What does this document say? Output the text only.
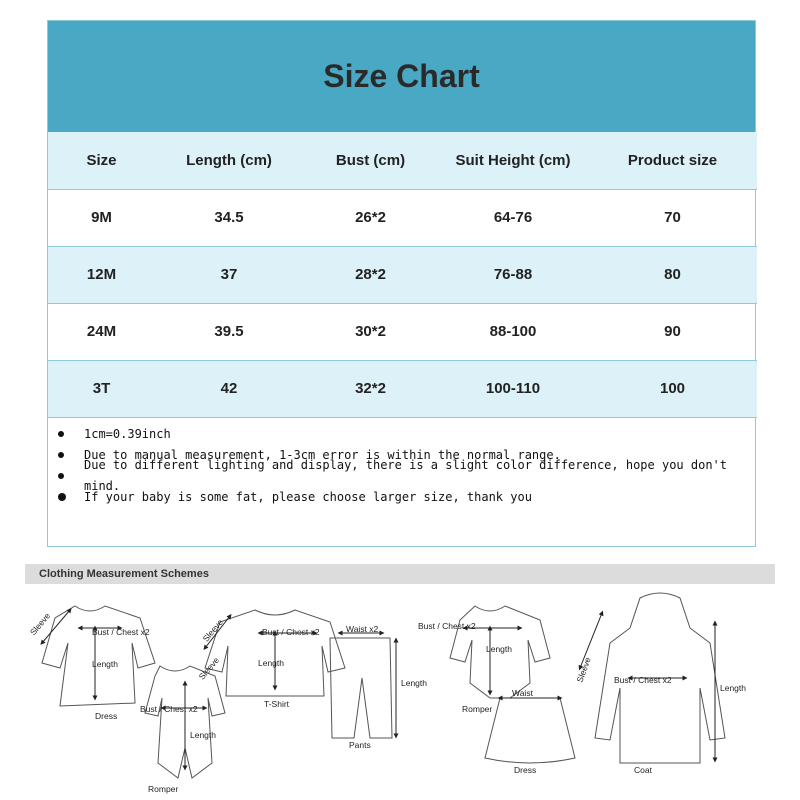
Size Chart
Size	Length (cm)	Bust (cm)	Suit Height (cm)	Product size
9M	34.5	26*2	64-76	70
12M	37	28*2	76-88	80
24M	39.5	30*2	88-100	90
3T	42	32*2	100-110	100
1cm=0.39inch
Due to manual measurement, 1-3cm error is within the normal range.
Due to different lighting and display, there is a slight color difference, hope you don't mind.
If your baby is some fat, please choose larger size, thank you
Clothing Measurement Schemes
Sleeve	Bust / Chest x2
Length
Dress
Bust / Chest x2
Sleeve
Length
Romper
Sleeve	Bust / Chest x2
Length
T-Shirt
Waist x2
Length
Pants
Bust / Chest x2
Length
Romper
Waist
Dress
Sleeve Bust / Chest x2
Length
Coat
